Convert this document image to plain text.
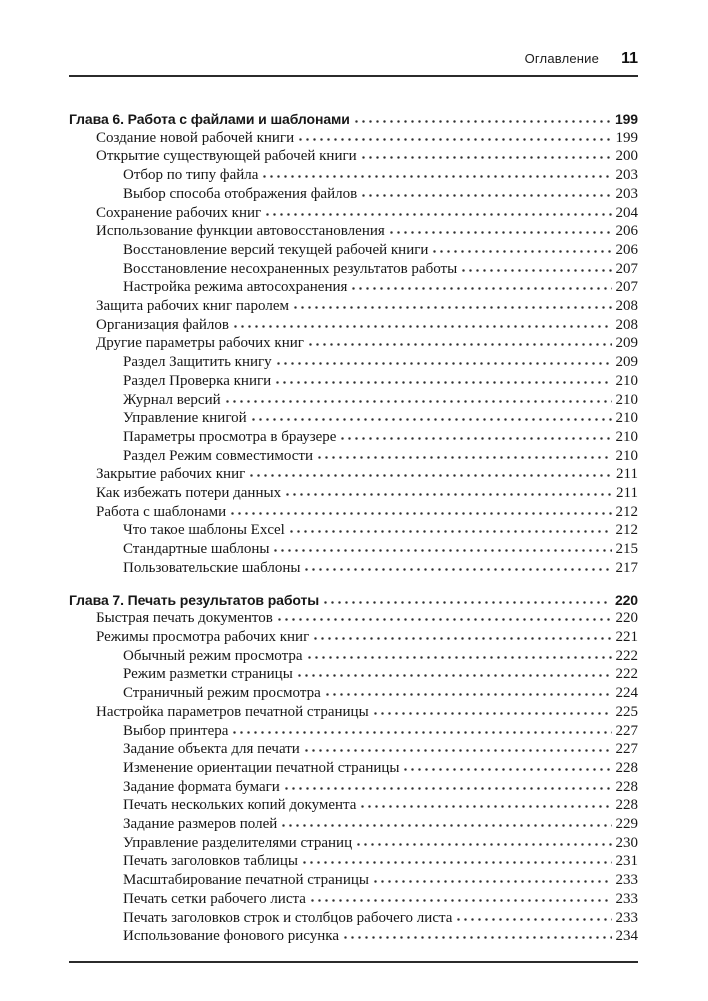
Оглавление 11
Глава 6. Работа с файлами и шаблонами	199
Создание новой рабочей книги	199
Открытие существующей рабочей книги	200
Отбор по типу файла	203
Выбор способа отображения файлов	203
Сохранение рабочих книг	204
Использование функции автовосстановления	206
Восстановление версий текущей рабочей книги	206
Восстановление несохраненных результатов работы	207
Настройка режима автосохранения	207
Защита рабочих книг паролем	208
Организация файлов	208
Другие параметры рабочих книг	209
Раздел Защитить книгу	209
Раздел Проверка книги	210
Журнал версий	210
Управление книгой	210
Параметры просмотра в браузере	210
Раздел Режим совместимости	210
Закрытие рабочих книг	211
Как избежать потери данных	211
Работа с шаблонами	212
Что такое шаблоны Excel	212
Стандартные шаблоны	215
Пользовательские шаблоны	217
Глава 7. Печать результатов работы	220
Быстрая печать документов	220
Режимы просмотра рабочих книг	221
Обычный режим просмотра	222
Режим разметки страницы	222
Страничный режим просмотра	224
Настройка параметров печатной страницы	225
Выбор принтера	227
Задание объекта для печати	227
Изменение ориентации печатной страницы	228
Задание формата бумаги	228
Печать нескольких копий документа	228
Задание размеров полей	229
Управление разделителями страниц	230
Печать заголовков таблицы	231
Масштабирование печатной страницы	233
Печать сетки рабочего листа	233
Печать заголовков строк и столбцов рабочего листа	233
Использование фонового рисунка	234
